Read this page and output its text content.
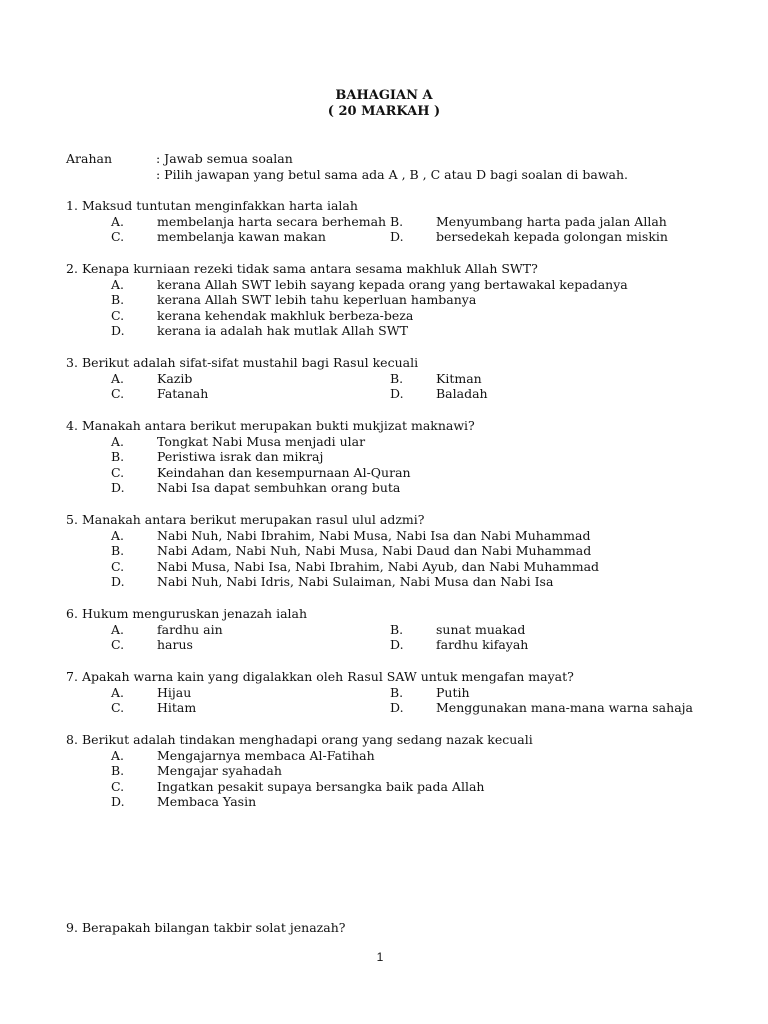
BAHAGIAN A
( 20 MARKAH )
Arahan	: Jawab semua soalan
: Pilih jawapan yang betul sama ada A , B , C atau D bagi soalan di bawah.
1. Maksud tuntutan menginfakkan harta ialah
A.	membelanja harta secara berhemah B.	Menyumbang harta pada jalan Allah
C.	membelanja kawan makan	D.	bersedekah kepada golongan miskin
2. Kenapa kurniaan rezeki tidak sama antara sesama makhluk Allah SWT?
A.	kerana Allah SWT lebih sayang kepada orang yang bertawakal kepadanya
B.	kerana Allah SWT lebih tahu keperluan hambanya
C.	kerana kehendak makhluk berbeza-beza
D.	kerana ia adalah hak mutlak Allah SWT
3. Berikut adalah sifat-sifat mustahil bagi Rasul kecuali
A.	Kazib	B.	Kitman
C.	Fatanah	D.	Baladah
4. Manakah antara berikut merupakan bukti mukjizat maknawi?
A.	Tongkat Nabi Musa menjadi ular
B.	Peristiwa israk dan mikraj
C.	Keindahan dan kesempurnaan Al-Quran
D.	Nabi Isa dapat sembuhkan orang buta
5. Manakah antara berikut merupakan rasul ulul adzmi?
A.	Nabi Nuh, Nabi Ibrahim, Nabi Musa, Nabi Isa dan Nabi Muhammad
B.	Nabi Adam, Nabi Nuh, Nabi Musa, Nabi Daud dan Nabi Muhammad
C.	Nabi Musa, Nabi Isa, Nabi Ibrahim, Nabi Ayub, dan Nabi Muhammad
D.	Nabi Nuh, Nabi Idris, Nabi Sulaiman, Nabi Musa dan Nabi Isa
6. Hukum menguruskan jenazah ialah
A.	fardhu ain	B.	sunat muakad
C.	harus	D.	fardhu kifayah
7. Apakah warna kain yang digalakkan oleh Rasul SAW untuk mengafan mayat?
A.	Hijau	B.	Putih
C.	Hitam	D.	Menggunakan mana-mana warna sahaja
8. Berikut adalah tindakan menghadapi orang yang sedang nazak kecuali
A.	Mengajarnya membaca Al-Fatihah
B.	Mengajar syahadah
C.	Ingatkan pesakit supaya bersangka baik pada Allah
D.	Membaca Yasin
9. Berapakah bilangan takbir solat jenazah?
1
